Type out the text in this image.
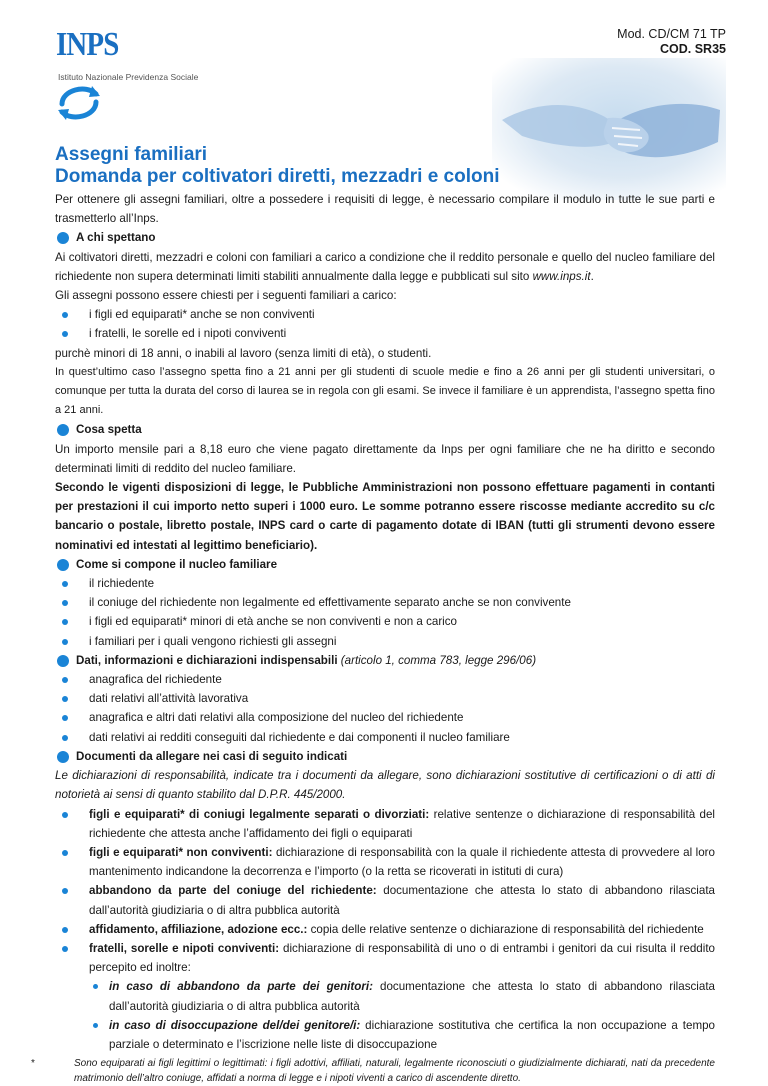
INPS
Istituto Nazionale Previdenza Sociale
Mod. CD/CM 71 TP
COD. SR35
Assegni familiari
Domanda per coltivatori diretti, mezzadri e coloni

Per ottenere gli assegni familiari, oltre a possedere i requisiti di legge, è necessario compilare il modulo in tutte le sue parti e trasmetterlo all’Inps.

A chi spettano

Ai coltivatori diretti, mezzadri e coloni con familiari a carico a condizione che il reddito personale e quello del nucleo familiare del richiedente non supera determinati limiti stabiliti annualmente dalla legge e pubblicati sul sito www.inps.it.

Gli assegni possono essere chiesti per i seguenti familiari a carico:

i figli ed equiparati* anche se non conviventi
i fratelli, le sorelle ed i nipoti conviventi

purchè minori di 18 anni, o inabili al lavoro (senza limiti di età), o studenti.

In quest’ultimo caso l’assegno spetta fino a 21 anni per gli studenti di scuole medie e fino a 26 anni per gli studenti universitari, o comunque per tutta la durata del corso di laurea se in regola con gli esami. Se invece il familiare è un apprendista, l’assegno spetta fino a 21 anni.

Cosa spetta

Un importo mensile pari a 8,18 euro che viene pagato direttamente da Inps per ogni familiare che ne ha diritto e secondo determinati limiti di reddito del nucleo familiare.

Secondo le vigenti disposizioni di legge, le Pubbliche Amministrazioni non possono effettuare pagamenti in contanti per prestazioni il cui importo netto superi i 1000 euro. Le somme potranno essere riscosse mediante accredito su c/c bancario o postale, libretto postale, INPS card o carte di pagamento dotate di IBAN (tutti gli strumenti devono essere nominativi ed intestati al legittimo beneficiario).

Come si compone il nucleo familiare
il richiedente
il coniuge del richiedente non legalmente ed effettivamente separato anche se non convivente
i figli ed equiparati* minori di età anche se non conviventi e non a carico
i familiari per i quali vengono richiesti gli assegni
Dati, informazioni e dichiarazioni indispensabili (articolo 1, comma 783, legge 296/06)
anagrafica del richiedente
dati relativi all’attività lavorativa
anagrafica e altri dati relativi alla composizione del nucleo del richiedente
dati relativi ai redditi conseguiti dal richiedente e dai componenti il nucleo familiare
Documenti da allegare nei casi di seguito indicati

Le dichiarazioni di responsabilità, indicate tra i documenti da allegare, sono dichiarazioni sostitutive di certificazioni o di atti di notorietà ai sensi di quanto stabilito dal D.P.R. 445/2000.

figli e equiparati* di coniugi legalmente separati o divorziati: relative sentenze o dichiarazione di responsabilità del richiedente che attesta anche l’affidamento dei figli o equiparati
figli e equiparati* non conviventi: dichiarazione di responsabilità con la quale il richiedente attesta di provvedere al loro mantenimento indicandone la decorrenza e l’importo (o la retta se ricoverati in istituti di cura)
abbandono da parte del coniuge del richiedente: documentazione che attesta lo stato di abbandono rilasciata dall’autorità giudiziaria o di altra pubblica autorità
affidamento, affiliazione, adozione ecc.: copia delle relative sentenze o dichiarazione di responsabilità del richiedente
fratelli, sorelle e nipoti conviventi: dichiarazione di responsabilità di uno o di entrambi i genitori da cui risulta il reddito percepito ed inoltre:
in caso di abbandono da parte dei genitori: documentazione che attesta lo stato di abbandono rilasciata dall’autorità giudiziaria o di altra pubblica autorità
in caso di disoccupazione del/dei genitore/i: dichiarazione sostitutiva che certifica la non occupazione a tempo parziale o determinato e l’iscrizione nelle liste di disoccupazione
*	Sono equiparati ai figli legittimi o legittimati: i figli adottivi, affiliati, naturali, legalmente riconosciuti o giudizialmente dichiarati, nati da precedente matrimonio dell’altro coniuge, affidati a norma di legge e i nipoti viventi a carico di ascendente diretto.
